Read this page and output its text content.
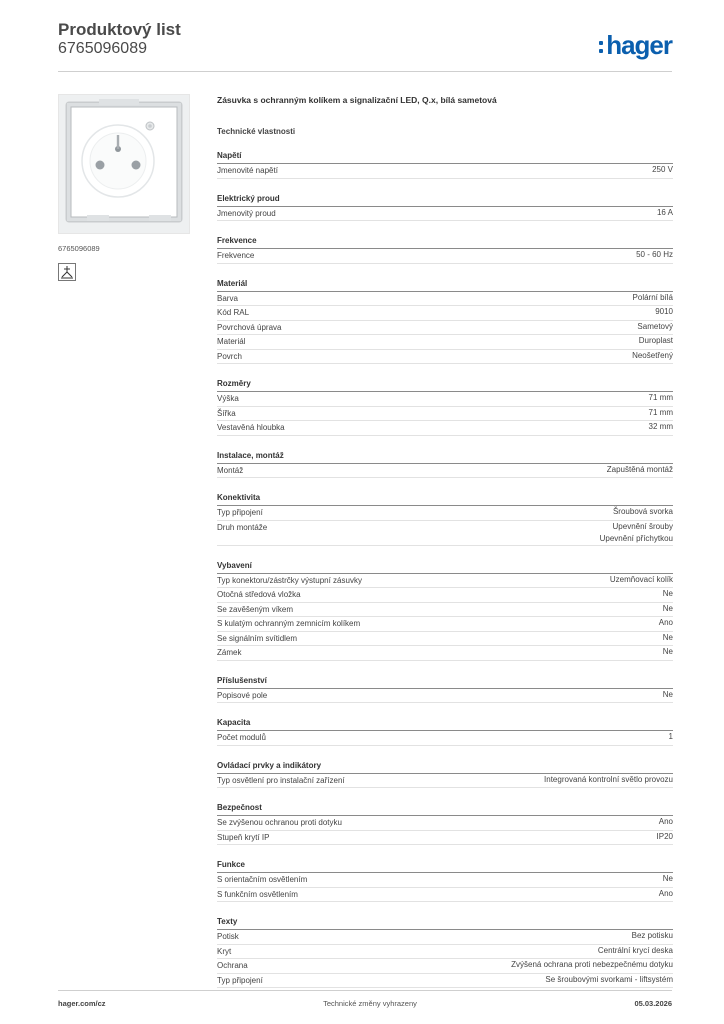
Produktový list
6765096089	hager
6765096089
Zásuvka s ochranným kolíkem a signalizační LED, Q.x, bílá sametová
Technické vlastnosti
Napětí
Jmenovité napětí	250 V
Elektrický proud
Jmenovitý proud	16 A
Frekvence
Frekvence	50 - 60 Hz
Materiál
Barva	Polární bílá
Kód RAL	9010
Povrchová úprava	Sametový
Materiál	Duroplast
Povrch	Neošetřený
Rozměry
Výška	71 mm
Šířka	71 mm
Vestavěná hloubka	32 mm
Instalace, montáž
Montáž	Zapuštěná montáž
Konektivita
Typ připojení	Šroubová svorka
Druh montáže	Upevnění šrouby
Upevnění příchytkou
Vybavení
Typ konektoru/zástrčky výstupní zásuvky	Uzemňovací kolík
Otočná středová vložka	Ne
Se zavěšeným víkem	Ne
S kulatým ochranným zemnicím kolíkem	Ano
Se signálním svítidlem	Ne
Zámek	Ne
Příslušenství
Popisové pole	Ne
Kapacita
Počet modulů	1
Ovládací prvky a indikátory
Typ osvětlení pro instalační zařízení	Integrovaná kontrolní světlo provozu
Bezpečnost
Se zvýšenou ochranou proti dotyku	Ano
Stupeň krytí IP	IP20
Funkce
S orientačním osvětlením	Ne
S funkčním osvětlením	Ano
Texty
Potisk	Bez potisku
Kryt	Centrální krycí deska
Ochrana	Zvýšená ochrana proti nebezpečnému dotyku
Typ připojení	Se šroubovými svorkami - liftsystém
hager.com/cz	Technické změny vyhrazeny	05.03.2026
